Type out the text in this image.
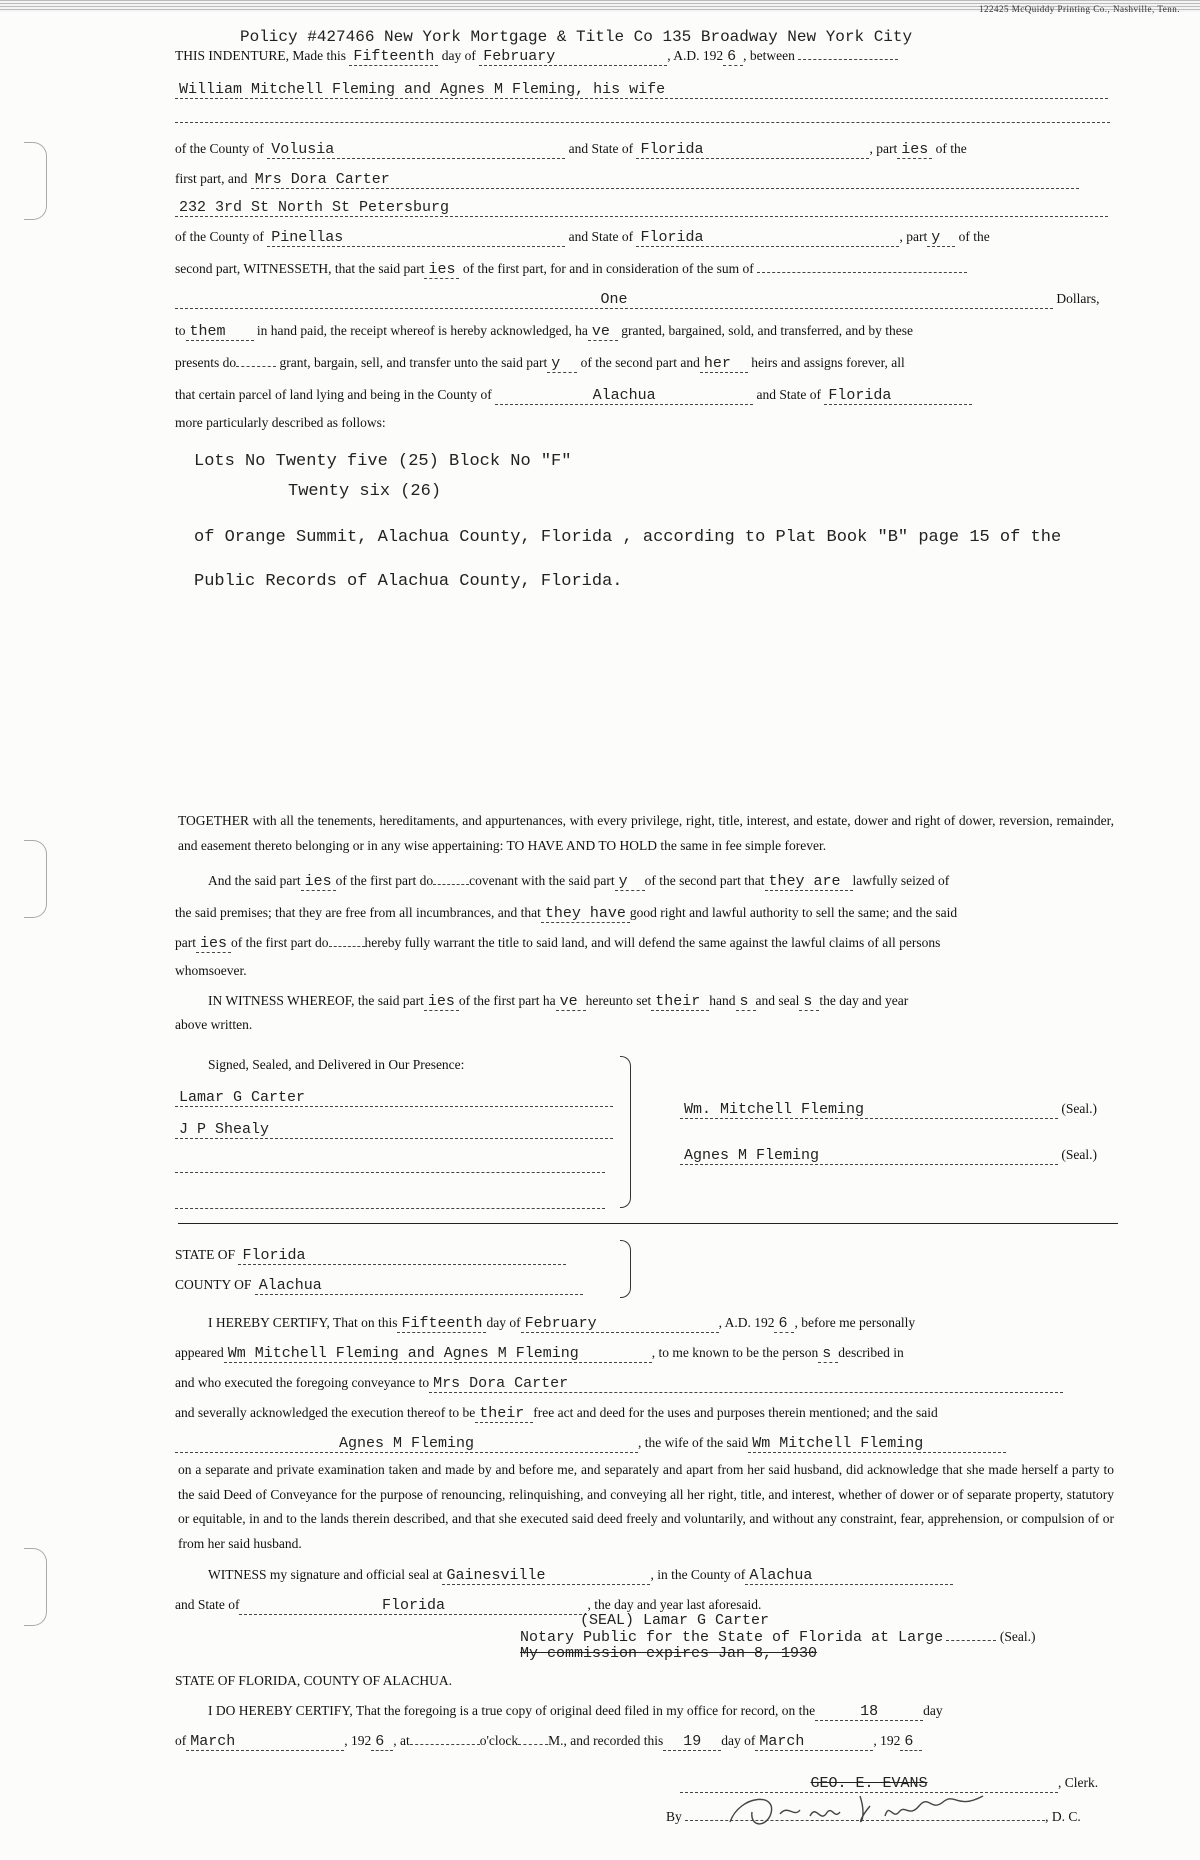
122425 McQuiddy Printing Co., Nashville, Tenn.
Policy #427466 New York Mortgage & Title Co 135 Broadway New York City
THIS INDENTURE, Made this Fifteenth day of February	, A.D. 192 6 , between
William Mitchell Fleming and Agnes M Fleming, his wife
of the County of Volusia	and State of Florida	, part ies of the
first part, and Mrs Dora Carter
232 3rd St North St Petersburg
of the County of Pinellas	and State of Florida	, part y of the
second part, WITNESSETH, that the said part ies of the first part, for and in consideration of the sum of
One	Dollars,
to them in hand paid, the receipt whereof is hereby acknowledged, ha ve granted, bargained, sold, and transferred, and by these
presents do	grant, bargain, sell, and transfer unto the said part y of the second part and her heirs and assigns forever, all
that certain parcel of land lying and being in the County of	Alachua	and State of Florida
more particularly described as follows:
Lots No Twenty five (25) Block No "F"
Twenty six (26)
of Orange Summit, Alachua County, Florida , according to Plat Book "B" page 15 of the
Public Records of Alachua County, Florida.
TOGETHER with all the tenements, hereditaments, and appurtenances, with every privilege, right, title, interest, and estate, dower and right of dower, reversion, remainder, and easement thereto belonging or in any wise appertaining: TO HAVE AND TO HOLD the same in fee simple forever.
And the said part ies of the first part do	covenant with the said part y of the second part that they are lawfully seized of
the said premises; that they are free from all incumbrances, and that they have good right and lawful authority to sell the same; and the said
part ies of the first part do	hereby fully warrant the title to said land, and will defend the same against the lawful claims of all persons
whomsoever.
IN WITNESS WHEREOF, the said part ies of the first part ha ve hereunto set their hand s and seal s the day and year
above written.
Signed, Sealed, and Delivered in Our Presence:
Lamar G Carter
J P Shealy
Wm. Mitchell Fleming	(Seal.)
Agnes M Fleming	(Seal.)
STATE OF Florida
COUNTY OF Alachua
I HEREBY CERTIFY, That on this Fifteenth day of February	, A.D. 192 6 , before me personally
appeared Wm Mitchell Fleming and Agnes M Fleming	, to me known to be the person s described in
and who executed the foregoing conveyance to Mrs Dora Carter
and severally acknowledged the execution thereof to be their free act and deed for the uses and purposes therein mentioned; and the said
Agnes M Fleming	, the wife of the said Wm Mitchell Fleming
on a separate and private examination taken and made by and before me, and separately and apart from her said husband, did acknowledge that she made herself a party to the said Deed of Conveyance for the purpose of renouncing, relinquishing, and conveying all her right, title, and interest, whether of dower or of separate property, statutory or equitable, in and to the lands therein described, and that she executed said deed freely and voluntarily, and without any constraint, fear, apprehension, or compulsion of or from her said husband.
WITNESS my signature and official seal at Gainesville	, in the County of Alachua
and State of	Florida	, the day and year last aforesaid.
(SEAL) Lamar G Carter
Notary Public for the State of Florida at Large	(Seal.)
My commission expires Jan 8, 1930
STATE OF FLORIDA, COUNTY OF ALACHUA.
I DO HEREBY CERTIFY, That the foregoing is a true copy of original deed filed in my office for record, on the	18	day
of March	, 192 6 , at	o'clock M., and recorded this 19 day of March	, 192 6
GEO. E. EVANS	, Clerk.
By	, D. C.
